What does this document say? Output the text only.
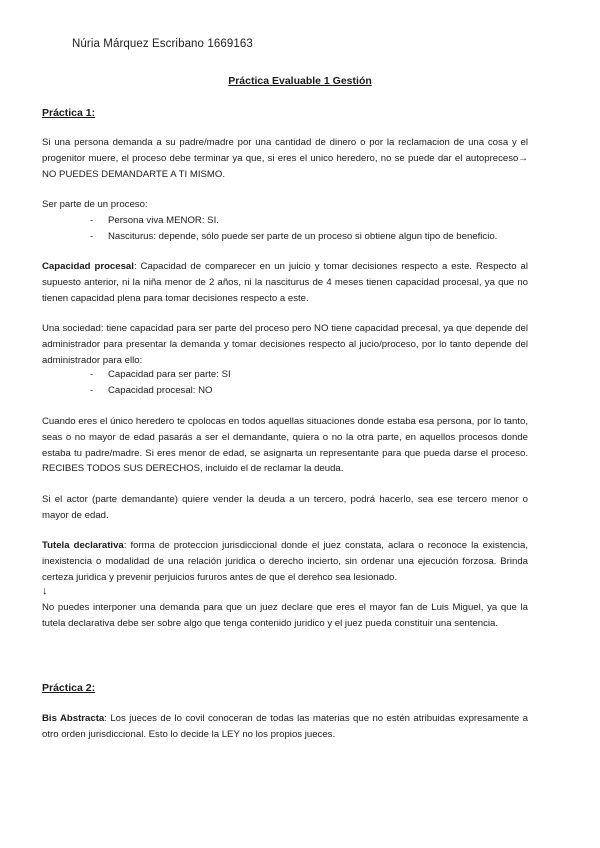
Núria Márquez Escribano 1669163
Práctica Evaluable 1 Gestión
Práctica 1:

Si una persona demanda a su padre/madre por una cantidad de dinero o por la reclamacion de una cosa y el progenitor muere, el proceso debe terminar ya que, si eres el unico heredero, no se puede dar el autopreceso→ NO PUEDES DEMANDARTE A TI MISMO.

Ser parte de un proceso:

- Persona viva MENOR: SI.
- Nasciturus: depende, sólo puede ser parte de un proceso si obtiene algun tipo de beneficio.

Capacidad procesal: Capacidad de comparecer en un juicio y tomar decisiones respecto a este. Respecto al supuesto anterior, ni la niña menor de 2 años, ni la nasciturus de 4 meses tienen capacidad procesal, ya que no tienen capacidad plena para tomar decisiones respecto a este.

Una sociedad: tiene capacidad para ser parte del proceso pero NO tiene capacidad precesal, ya que depende del administrador para presentar la demanda y tomar decisiones respecto al jucio/proceso, por lo tanto depende del administrador para ello:

- Capacidad para ser parte: SI
- Capacidad procesal: NO

Cuando eres el único heredero te cpolocas en todos aquellas situaciones donde estaba esa persona, por lo tanto, seas o no mayor de edad pasarás a ser el demandante, quiera o no la otra parte, en aquellos procesos donde estaba tu padre/madre. Si eres menor de edad, se asignarta un representante para que pueda darse el proceso. RECIBES TODOS SUS DERECHOS, incluido el de reclamar la deuda.

Si el actor (parte demandante) quiere vender la deuda a un tercero, podrá hacerlo, sea ese tercero menor o mayor de edad.

Tutela declarativa: forma de proteccion jurisdiccional donde el juez constata, aclara o reconoce la existencia, inexistencia o modalidad de una relación juridica o derecho incierto, sin ordenar una ejecución forzosa. Brinda certeza juridica y prevenir perjuicios fururos antes de que el derehco sea lesionado.

↓

No puedes interponer una demanda para que un juez declare que eres el mayor fan de Luis Miguel, ya que la tutela declarativa debe ser sobre algo que tenga contenido juridico y el juez pueda constituir una sentencia.

Práctica 2:

Bis Abstracta: Los jueces de lo covil conoceran de todas las materias que no estén atribuidas expresamente a otro orden jurisdiccional. Esto lo decide la LEY no los propios jueces.
